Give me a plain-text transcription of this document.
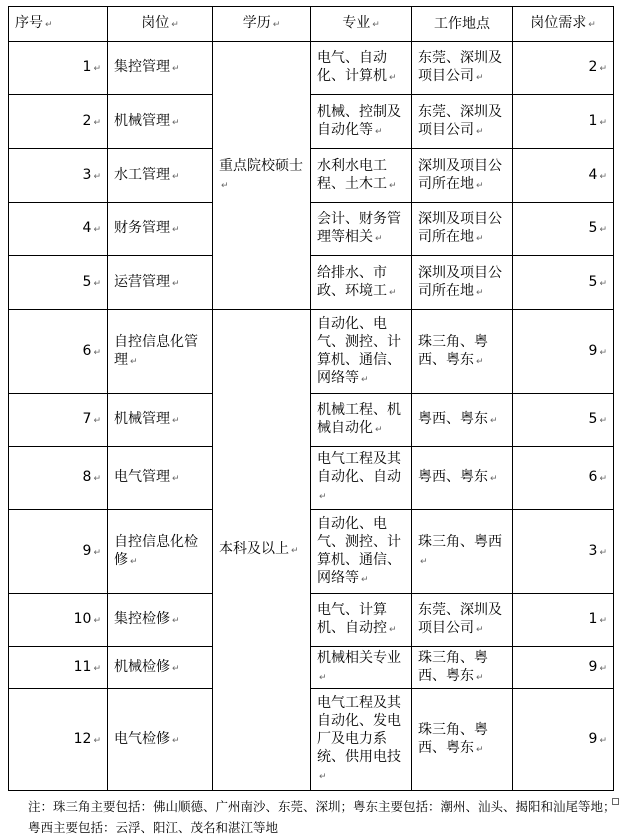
序号 ↵	岗位 ↵	学历 ↵	专业 ↵	工作地点	岗位需求 ↵
1 ↵	集控管理 ↵	重点院校硕士↵	电气、自动化、计算机 ↵	东莞、深圳及项目公司 ↵	2 ↵
2 ↵	机械管理 ↵		机械、控制及自动化等 ↵	东莞、深圳及项目公司 ↵	1 ↵
3 ↵	水工管理 ↵		水利水电工程、土木工 ↵	深圳及项目公司所在地 ↵	4 ↵
4 ↵	财务管理 ↵		会计、财务管理等相关 ↵	深圳及项目公司所在地 ↵	5 ↵
5 ↵	运营管理 ↵		给排水、市政、环境工 ↵	深圳及项目公司所在地 ↵	5 ↵
6 ↵	自控信息化管理 ↵	本科及以上 ↵	自动化、电气、测控、计算机、通信、网络等 ↵	珠三角、粤西、粤东 ↵	9 ↵
7 ↵	机械管理 ↵		机械工程、机械自动化 ↵	粤西、粤东 ↵	5 ↵
8 ↵	电气管理 ↵		电气工程及其自动化、自动↵	粤西、粤东 ↵	6 ↵
9 ↵	自控信息化检修 ↵		自动化、电气、测控、计算机、通信、网络等 ↵	珠三角、粤西↵	3 ↵
10 ↵	集控检修 ↵		电气、计算机、自动控 ↵	东莞、深圳及项目公司 ↵	1 ↵
11 ↵	机械检修 ↵		机械相关专业↵	珠三角、粤西、粤东 ↵	9 ↵
12 ↵	电气检修 ↵		电气工程及其自动化、发电厂及电力系统、供用电技↵	珠三角、粤西、粤东 ↵	9 ↵
注：珠三角主要包括：佛山顺德、广州南沙、东莞、深圳；粤东主要包括：潮州、汕头、揭阳和汕尾等地；粤西主要包括：云浮、阳江、茂名和湛江等地
